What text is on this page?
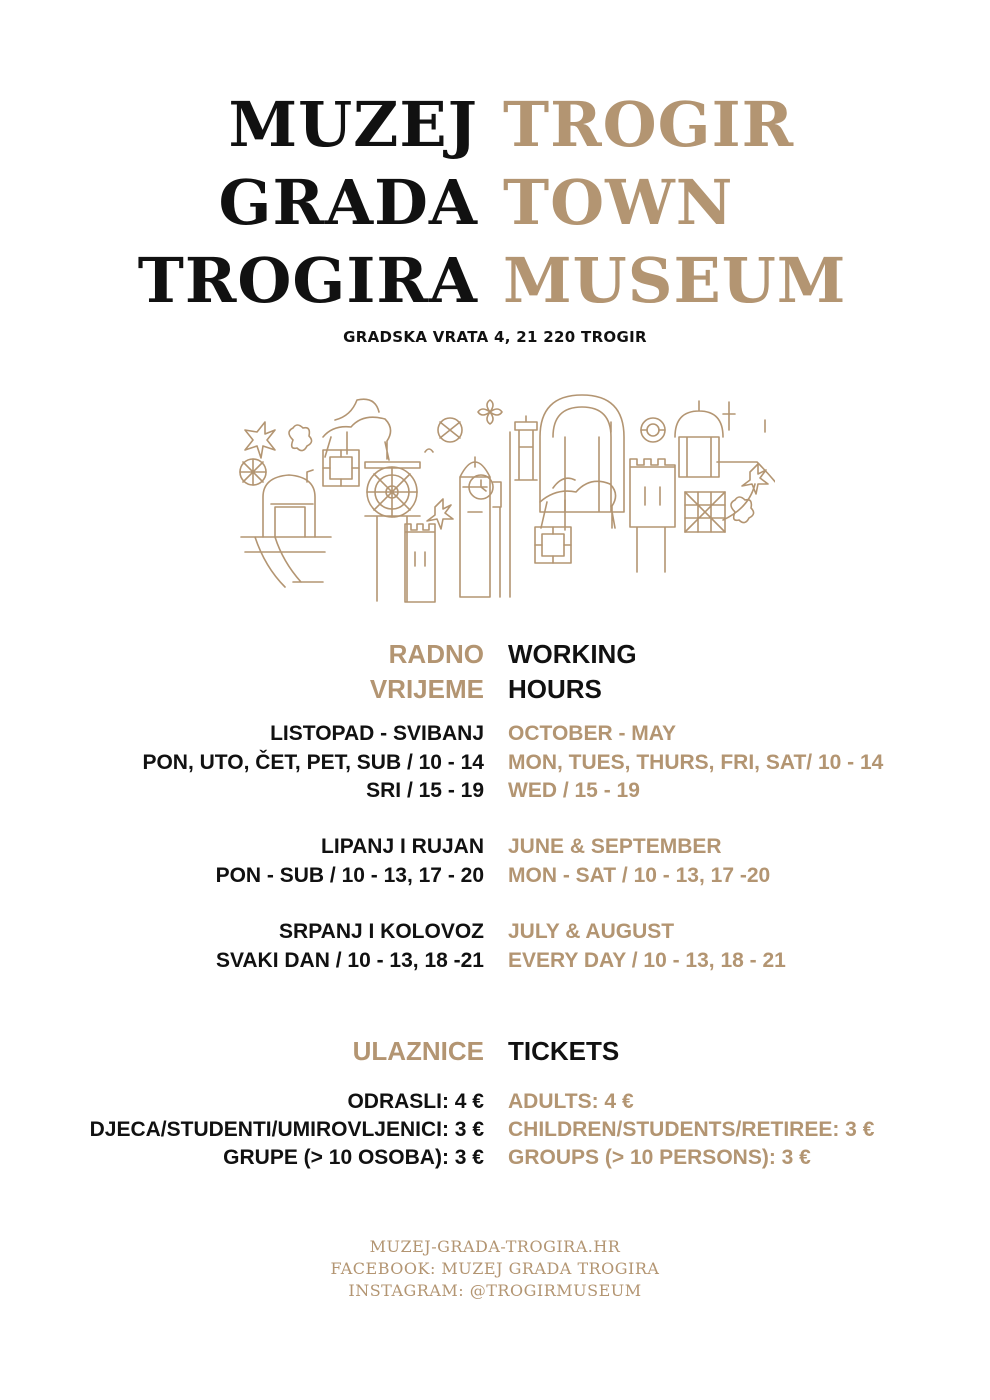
MUZEJ TROGIR
GRADA TOWN
TROGIRA MUSEUM
GRADSKA VRATA 4, 21 220 TROGIR
RADNO WORKING
VRIJEME HOURS
LISTOPAD - SVIBANJ OCTOBER - MAY
PON, UTO, ČET, PET, SUB / 10 - 14 MON, TUES, THURS, FRI, SAT/ 10 - 14
SRI / 15 - 19 WED / 15 - 19
LIPANJ I RUJAN JUNE & SEPTEMBER
PON - SUB / 10 - 13, 17 - 20 MON - SAT / 10 - 13, 17 -20
SRPANJ I KOLOVOZ JULY & AUGUST
SVAKI DAN / 10 - 13, 18 -21 EVERY DAY / 10 - 13, 18 - 21
ULAZNICE TICKETS
ODRASLI: 4 € ADULTS: 4 €
DJECA/STUDENTI/UMIROVLJENICI: 3 € CHILDREN/STUDENTS/RETIREE: 3 €
GRUPE (> 10 OSOBA): 3 € GROUPS (> 10 PERSONS): 3 €
MUZEJ-GRADA-TROGIRA.HR
FACEBOOK: MUZEJ GRADA TROGIRA
INSTAGRAM: @TROGIRMUSEUM
